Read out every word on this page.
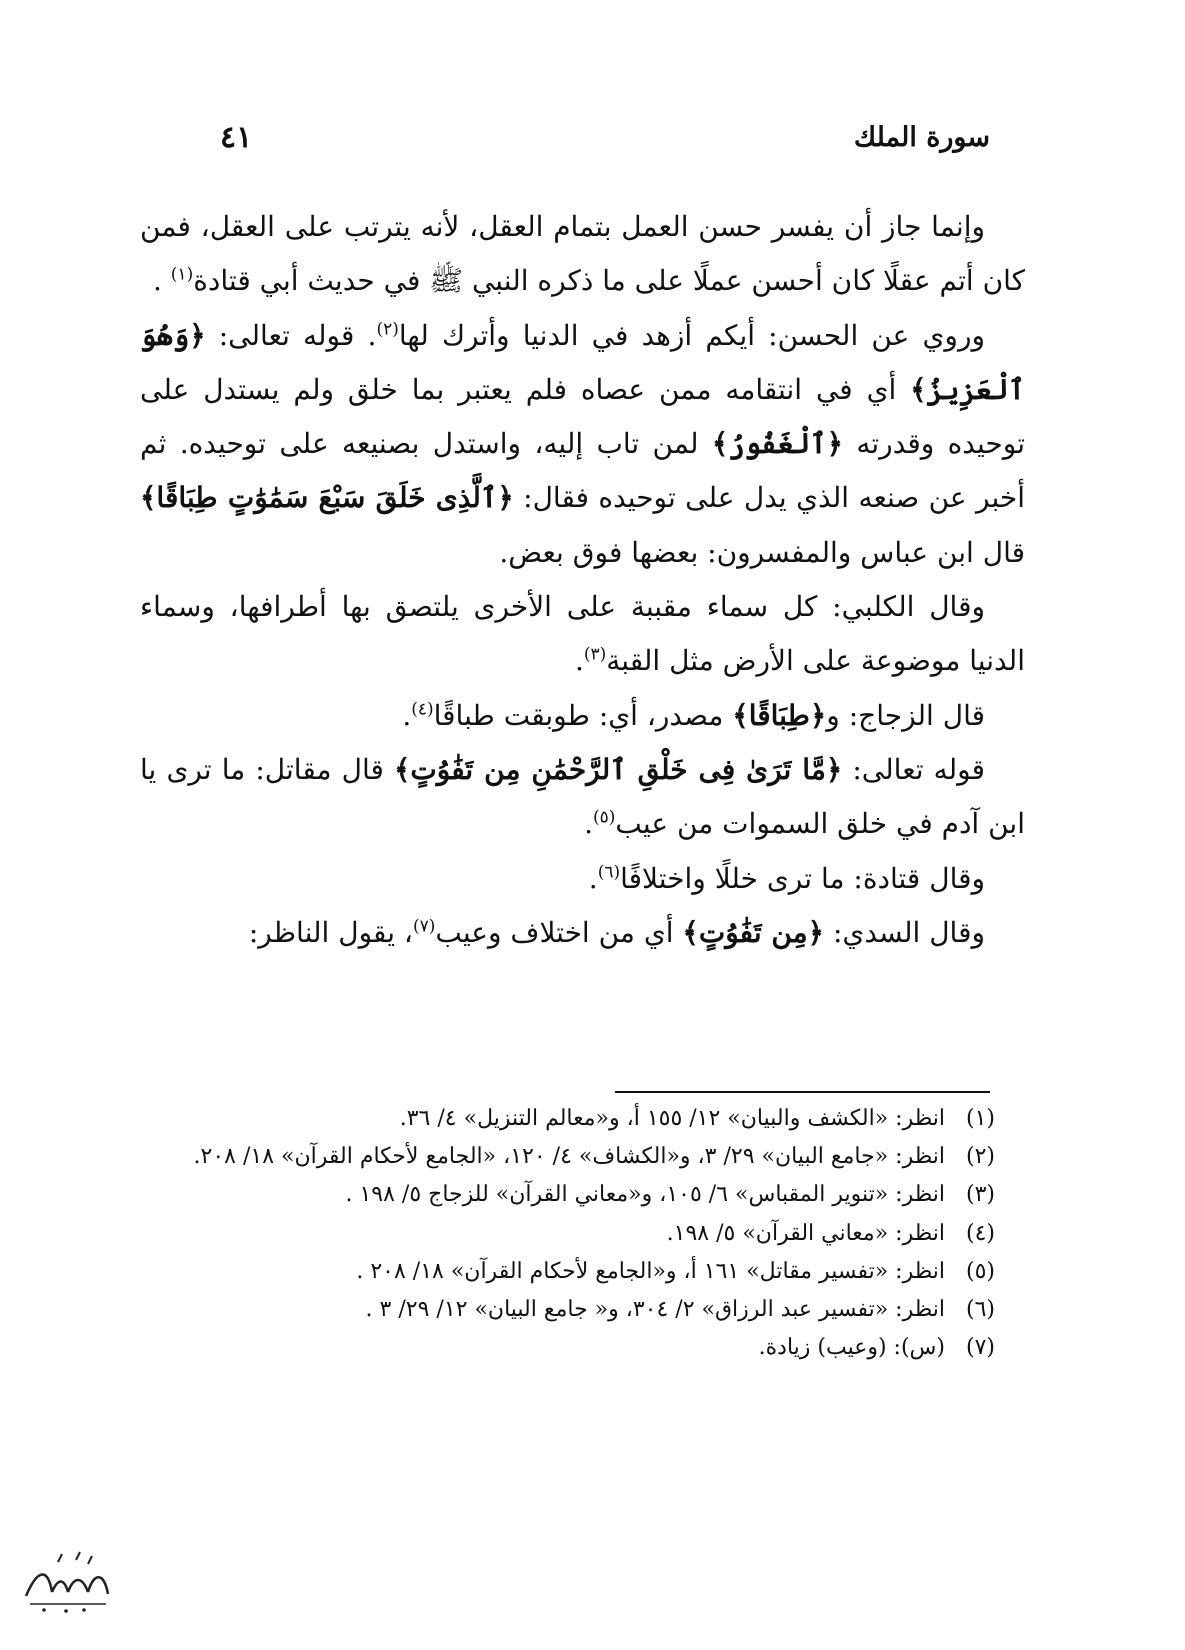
سورة الملك
٤١

وإنما جاز أن يفسر حسن العمل بتمام العقل، لأنه يترتب على العقل، فمن كان أتم عقلًا كان أحسن عملًا على ما ذكره النبي ﷺ في حديث أبي قتادة$^{(١)}$ .

وروي عن الحسن: أيكم أزهد في الدنيا وأترك لها$^{(٢)}$. قوله تعالى: ﴿وَهُوَ ٱلْعَزِيزُ﴾ أي في انتقامه ممن عصاه فلم يعتبر بما خلق ولم يستدل على توحيده وقدرته ﴿ٱلْغَفُورُ﴾ لمن تاب إليه، واستدل بصنيعه على توحيده. ثم أخبر عن صنعه الذي يدل على توحيده فقال: ﴿ٱلَّذِى خَلَقَ سَبْعَ سَمَٰوَٰتٍ طِبَاقًا﴾ قال ابن عباس والمفسرون: بعضها فوق بعض.

وقال الكلبي: كل سماء مقببة على الأخرى يلتصق بها أطرافها، وسماء الدنيا موضوعة على الأرض مثل القبة$^{(٣)}$.

قال الزجاج: و﴿طِبَاقًا﴾ مصدر، أي: طوبقت طباقًا$^{(٤)}$.

قوله تعالى: ﴿مَّا تَرَىٰ فِى خَلْقِ ٱلرَّحْمَٰنِ مِن تَفَٰوُتٍ﴾ قال مقاتل: ما ترى يا ابن آدم في خلق السموات من عيب$^{(٥)}$.

وقال قتادة: ما ترى خللًا واختلافًا$^{(٦)}$.

وقال السدي: ﴿مِن تَفَٰوُتٍ﴾ أي من اختلاف وعيب$^{(٧)}$، يقول الناظر:

(١)
انظر: «الكشف والبيان» ١٢/ ١٥٥ أ، و«معالم التنزيل» ٤/ ٣٦.
(٢)
انظر: «جامع البيان» ٢٩/ ٣، و«الكشاف» ٤/ ١٢٠، «الجامع لأحكام القرآن» ١٨/ ٢٠٨.
(٣)
انظر: «تنوير المقباس» ٦/ ١٠٥، و«معاني القرآن» للزجاج ٥/ ١٩٨ .
(٤)
انظر: «معاني القرآن» ٥/ ١٩٨.
(٥)
انظر: «تفسير مقاتل» ١٦١ أ، و«الجامع لأحكام القرآن» ١٨/ ٢٠٨ .
(٦)
انظر: «تفسير عبد الرزاق» ٢/ ٣٠٤، و« جامع البيان» ١٢/ ٢٩/ ٣ .
(٧)
(س): (وعيب) زيادة.
